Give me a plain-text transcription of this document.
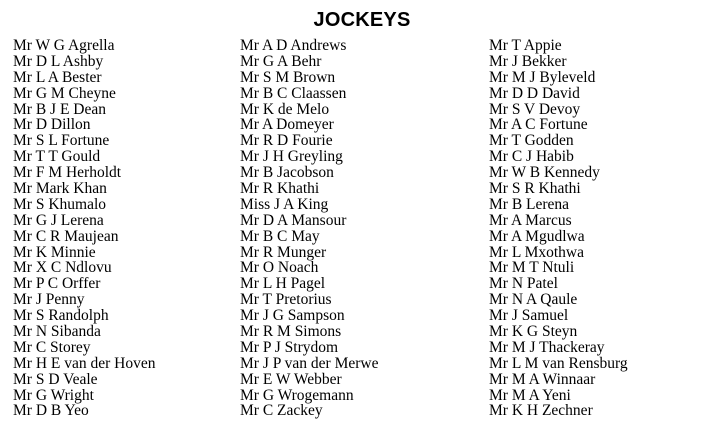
JOCKEYS
Mr W G Agrella
Mr D L Ashby
Mr L A Bester
Mr G M Cheyne
Mr B J E Dean
Mr D Dillon
Mr S L Fortune
Mr T T Gould
Mr F M Herholdt
Mr Mark Khan
Mr S Khumalo
Mr G J Lerena
Mr C R Maujean
Mr K Minnie
Mr X C Ndlovu
Mr P C Orffer
Mr J Penny
Mr S Randolph
Mr N Sibanda
Mr C Storey
Mr H E van der Hoven
Mr S D Veale
Mr G Wright
Mr D B Yeo
Mr A D Andrews
Mr G A Behr
Mr S M Brown
Mr B C Claassen
Mr K de Melo
Mr A Domeyer
Mr R D Fourie
Mr J H Greyling
Mr B Jacobson
Mr R Khathi
Miss J A King
Mr D A Mansour
Mr B C May
Mr R Munger
Mr O Noach
Mr L H Pagel
Mr T Pretorius
Mr J G Sampson
Mr R M Simons
Mr P J Strydom
Mr J P van der Merwe
Mr E W Webber
Mr G Wrogemann
Mr C Zackey
Mr T Appie
Mr J Bekker
Mr M J Byleveld
Mr D D David
Mr S V Devoy
Mr A C Fortune
Mr T Godden
Mr C J Habib
Mr W B Kennedy
Mr S R Khathi
Mr B Lerena
Mr A Marcus
Mr A Mgudlwa
Mr L Mxothwa
Mr M T Ntuli
Mr N Patel
Mr N A Qaule
Mr J Samuel
Mr K G Steyn
Mr M J Thackeray
Mr L M van Rensburg
Mr M A Winnaar
Mr M A Yeni
Mr K H Zechner
